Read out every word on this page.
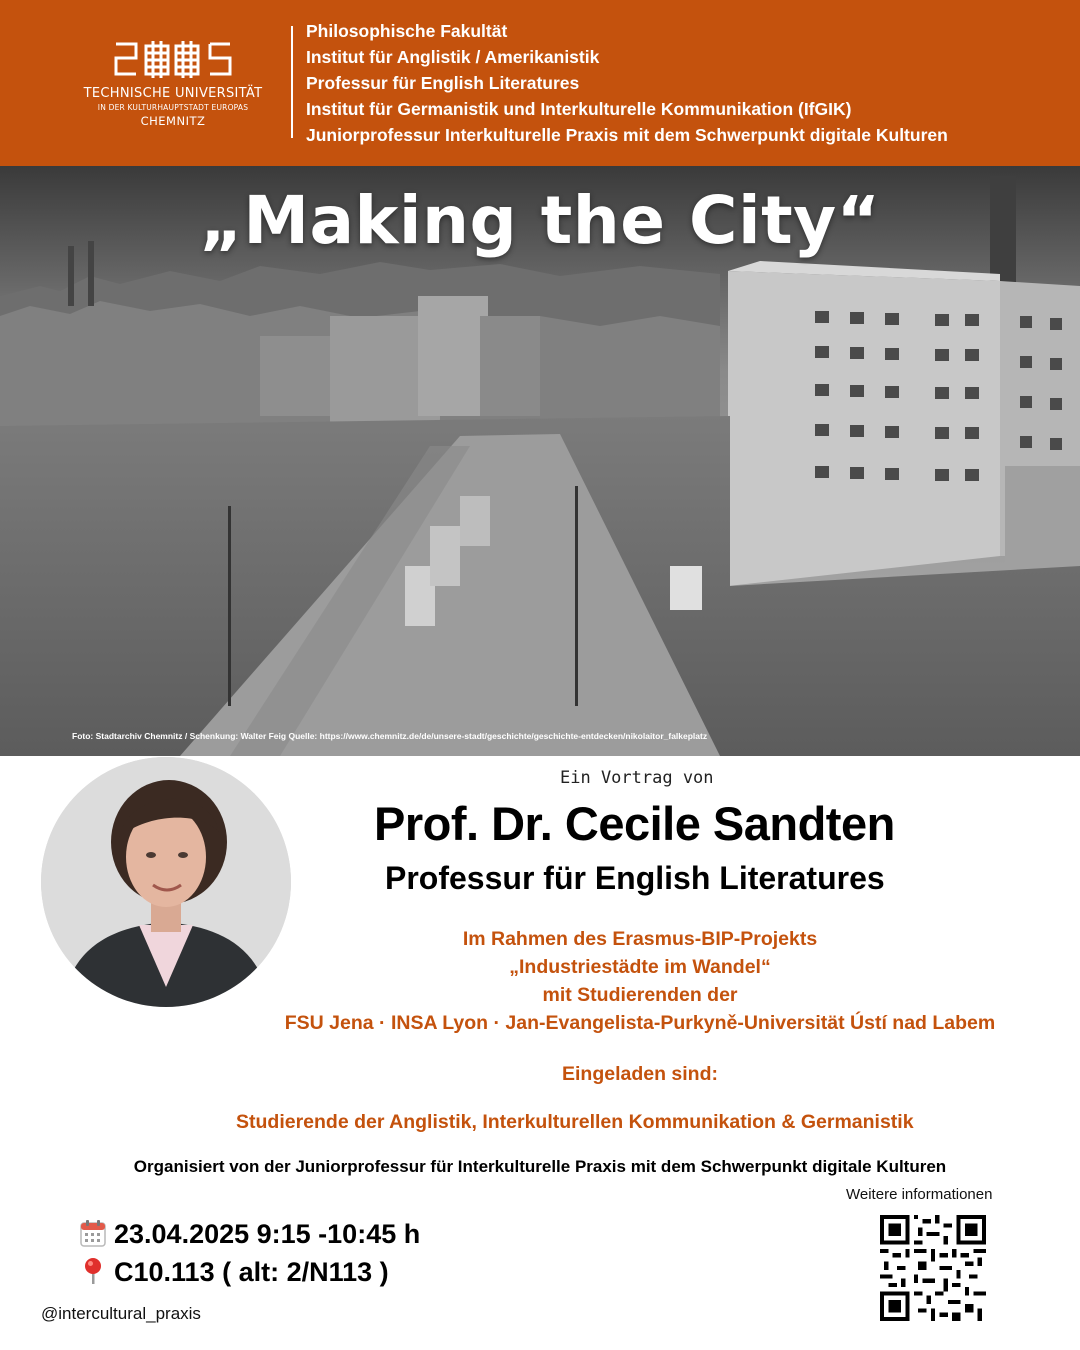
TECHNISCHE UNIVERSITÄT
IN DER KULTURHAUPTSTADT EUROPAS
CHEMNITZ
Philosophische Fakultät
Institut für Anglistik / Amerikanistik
Professur für English Literatures
Institut für Germanistik und Interkulturelle Kommunikation (IfGIK)
Juniorprofessur Interkulturelle Praxis mit dem Schwerpunkt digitale Kulturen
„Making the City“
Foto: Stadtarchiv Chemnitz / Schenkung: Walter Feig Quelle: https://www.chemnitz.de/de/unsere-stadt/geschichte/geschichte-entdecken/nikolaitor_falkeplatz
Ein Vortrag von
Prof. Dr. Cecile Sandten
Professur für English Literatures
Im Rahmen des Erasmus-BIP-Projekts
„Industriestädte im Wandel“
mit Studierenden der
FSU Jena · INSA Lyon · Jan-Evangelista-Purkyně-Universität Ústí nad Labem
Eingeladen sind:
Studierende der Anglistik, Interkulturellen Kommunikation & Germanistik
Organisiert von der Juniorprofessur für Interkulturelle Praxis mit dem Schwerpunkt digitale Kulturen
Weitere informationen
23.04.2025 9:15 -10:45 h
C10.113 ( alt: 2/N113 )
@intercultural_praxis
